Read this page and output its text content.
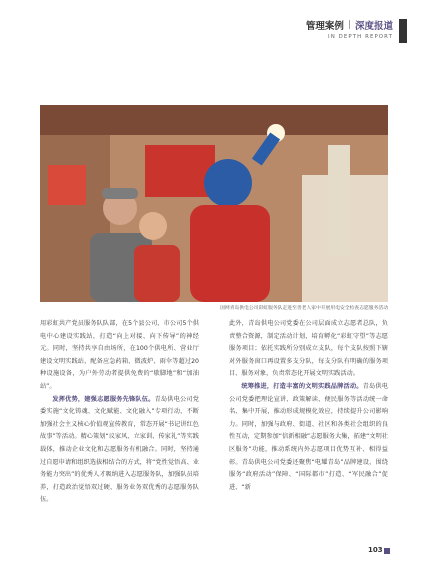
管理案例 | 深度报道
IN DEPTH REPORT
国网青岛供电公司彩虹服务队走进至善老人家中开展用电安全检查志愿服务活动

用彩虹共产党员服务队队部，在5个县公司、市公司5个供电中心建设实践站，打造“向上对接、向下传导”的神经元。同时，坚持共享自由场所，在100个供电所、营业厅建设文明实践站，配备应急药箱、微波炉、雨伞等超过20种设施设备，为户外劳动者提供免费的“歇脚地”和“加油站”。

发挥优势，建强志愿服务先锋队伍。青岛供电公司党委实施“文化铸魂、文化赋能、文化融入”专项行动，不断加强社会主义核心价值观宣传教育，常态开展“书记讲红色故事”等活动。精心策划“议家风、立家训、传家礼”等实践载体，推动企业文化和志愿服务有机融合。同时，坚持通过自愿申请和组织选拔相结合的方式，将“党性觉悟高、业务能力突出”的优秀人才吸纳进入志愿服务队，加强队员培养，打造政治觉悟双过硬、服务业务双优秀的志愿服务队伍。

此外，青岛供电公司党委在公司层面成立志愿者总队，负责整合资源，制定活动计划，培育孵化“彩虹守望”等志愿服务项目；依托实践所分别成立支队，每个支队按照下辖对外服务窗口再设置多支分队，每支分队有明确的服务项目、服务对象，负责常态化开展文明实践活动。

统筹推进，打造丰富的文明实践品牌活动。青岛供电公司党委把理论宣讲、政策解读、便民服务等活动统一命名、集中开展，推动形成规模化效应，持续提升公司影响力。同时，加强与政府、街道、社区和各类社会组织的良性互动，定期参加“信新相融”志愿服务大集，拓建“文明社区服务”功能，推动系统内外志愿项目优势互补、相得益彰。青岛供电公司党委还聚焦“电耀青岛”品牌建设，围绕服务“政府活动”保障、“国际都市”打造、“军民融合”促进、“新

103
